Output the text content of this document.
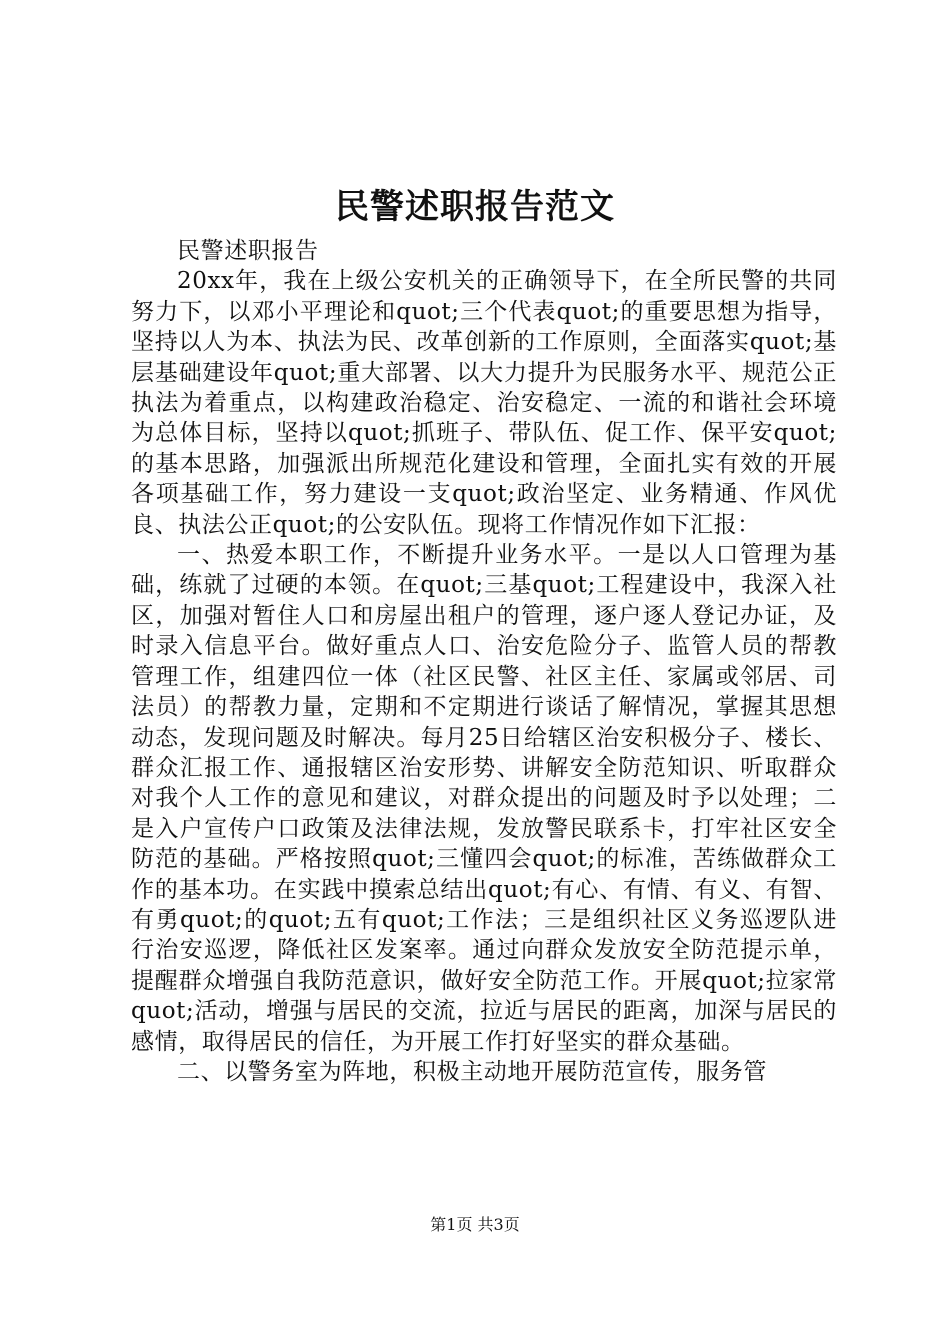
民警述职报告范文

民警述职报告

20xx年，我在上级公安机关的正确领导下，在全所民警的共同努力下，以邓小平理论和quot;三个代表quot;的重要思想为指导，坚持以人为本、执法为民、改革创新的工作原则，全面落实quot;基层基础建设年quot;重大部署、以大力提升为民服务水平、规范公正执法为着重点，以构建政治稳定、治安稳定、一流的和谐社会环境为总体目标，坚持以quot;抓班子、带队伍、促工作、保平安quot;的基本思路，加强派出所规范化建设和管理，全面扎实有效的开展各项基础工作，努力建设一支quot;政治坚定、业务精通、作风优良、执法公正quot;的公安队伍。现将工作情况作如下汇报：

一、热爱本职工作，不断提升业务水平。一是以人口管理为基础，练就了过硬的本领。在quot;三基quot;工程建设中，我深入社区，加强对暂住人口和房屋出租户的管理，逐户逐人登记办证，及时录入信息平台。做好重点人口、治安危险分子、监管人员的帮教管理工作，组建四位一体（社区民警、社区主任、家属或邻居、司法员）的帮教力量，定期和不定期进行谈话了解情况，掌握其思想动态，发现问题及时解决。每月25日给辖区治安积极分子、楼长、群众汇报工作、通报辖区治安形势、讲解安全防范知识、听取群众对我个人工作的意见和建议，对群众提出的问题及时予以处理；二是入户宣传户口政策及法律法规，发放警民联系卡，打牢社区安全防范的基础。严格按照quot;三懂四会quot;的标准，苦练做群众工作的基本功。在实践中摸索总结出quot;有心、有情、有义、有智、有勇quot;的quot;五有quot;工作法；三是组织社区义务巡逻队进行治安巡逻，降低社区发案率。通过向群众发放安全防范提示单，提醒群众增强自我防范意识，做好安全防范工作。开展quot;拉家常quot;活动，增强与居民的交流，拉近与居民的距离，加深与居民的感情，取得居民的信任，为开展工作打好坚实的群众基础。

二、以警务室为阵地，积极主动地开展防范宣传，服务管

第1页 共3页
